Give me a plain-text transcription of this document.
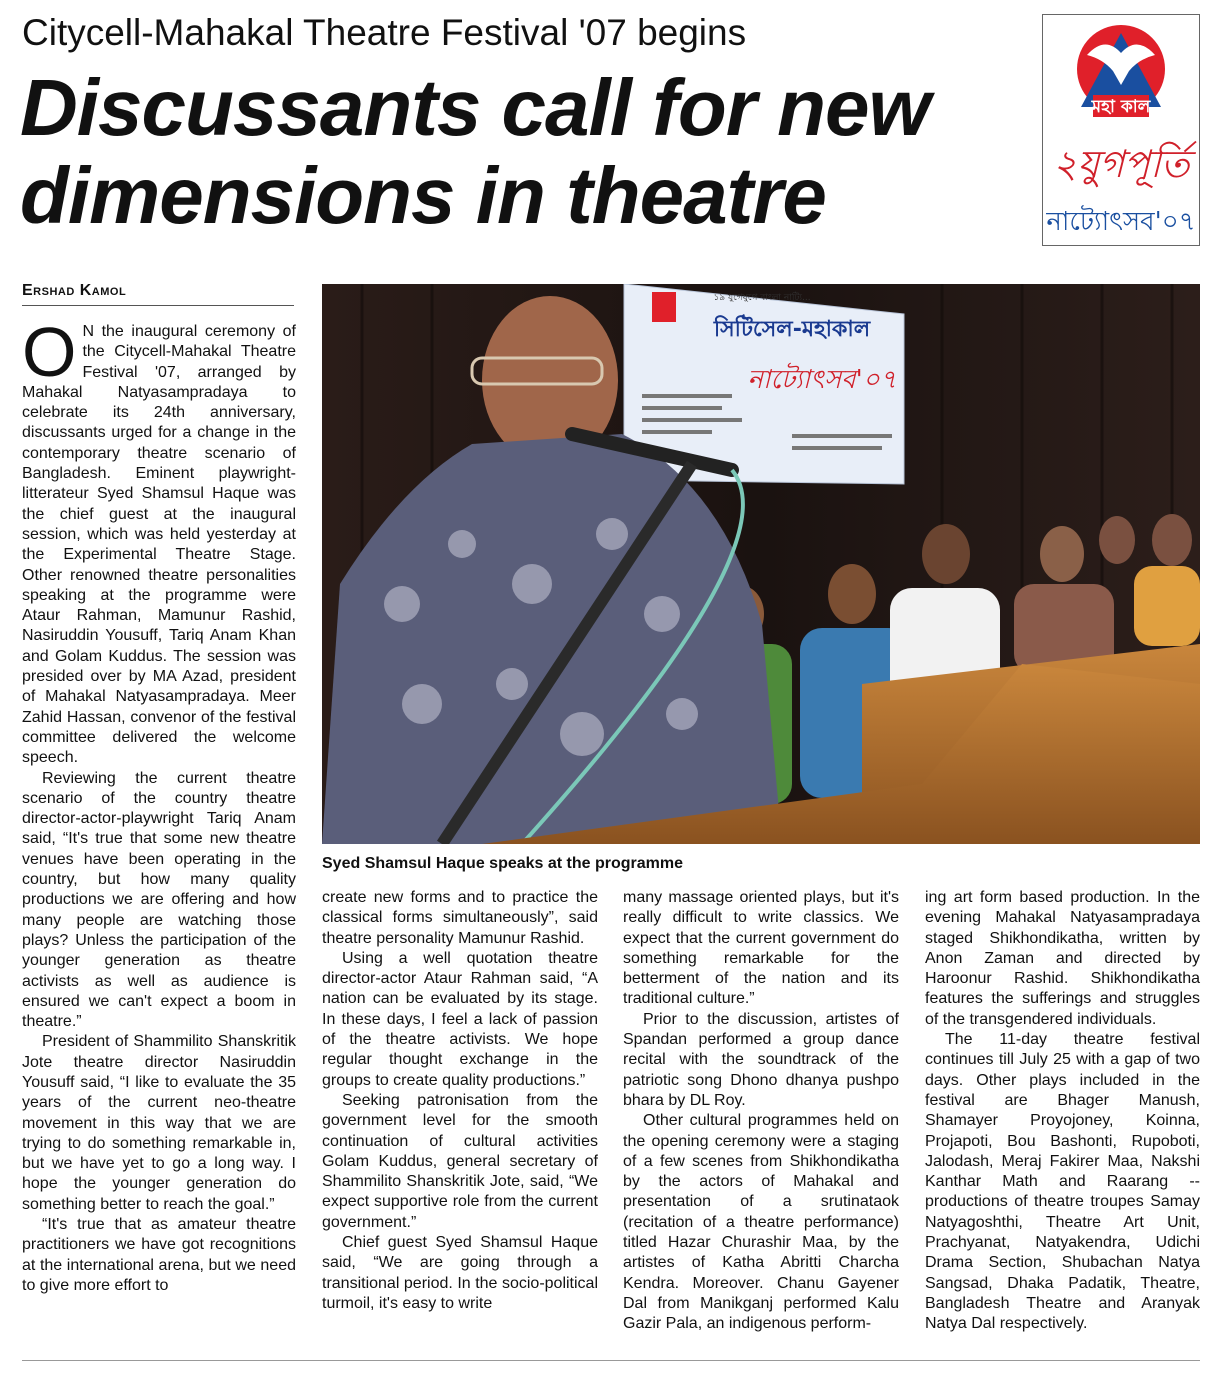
Citycell-Mahakal Theatre Festival '07 begins
Discussants call for new
dimensions in theatre
মহা কাল
২যুগপূর্তি
নাট্যোৎসব'০৭
Ershad Kamol
O N the inaugural ceremony of the Citycell-Mahakal Theatre Festival '07, arranged by Mahakal Natyasampradaya to celebrate its 24th anniversary, discussants urged for a change in the contemporary theatre scenario of Bangladesh. Eminent playwright-litterateur Syed Shamsul Haque was the chief guest at the inaugural session, which was held yesterday at the Experimental Theatre Stage. Other renowned theatre personalities speaking at the programme were Ataur Rahman, Mamunur Rashid, Nasiruddin Yousuff, Tariq Anam Khan and Golam Kuddus. The session was presided over by MA Azad, president of Mahakal Natyasampradaya. Meer Zahid Hassan, convenor of the festival committee delivered the welcome speech.

Reviewing the current theatre scenario of the country theatre director-actor-playwright Tariq Anam said, “It's true that some new theatre venues have been operating in the country, but how many quality productions we are offering and how many people are watching those plays? Unless the participation of the younger generation as theatre activists as well as audience is ensured we can't expect a boom in theatre.”

President of Shammilito Shanskritik Jote theatre director Nasiruddin Yousuff said, “I like to evaluate the 35 years of the current neo-theatre movement in this way that we are trying to do something remarkable in, but we have yet to go a long way. I hope the younger generation do something better to reach the goal.”

“It's true that as amateur theatre practitioners we have got recognitions at the international arena, but we need to give more effort to

১৯ যুগেযুগে বাংলা নাট্যি...
সিটিসেল-মহাকাল
নাট্যোৎসব'০৭
Syed Shamsul Haque speaks at the programme

create new forms and to practice the classical forms simultaneously”, said theatre personality Mamunur Rashid.

Using a well quotation theatre director-actor Ataur Rahman said, “A nation can be evaluated by its stage. In these days, I feel a lack of passion of the theatre activists. We hope regular thought exchange in the groups to create quality productions.”

Seeking patronisation from the government level for the smooth continuation of cultural activities Golam Kuddus, general secretary of Shammilito Shanskritik Jote, said, “We expect supportive role from the current government.”

Chief guest Syed Shamsul Haque said, “We are going through a transitional period. In the socio-political turmoil, it's easy to write

many massage oriented plays, but it's really difficult to write classics. We expect that the current government do something remarkable for the betterment of the nation and its traditional culture.”

Prior to the discussion, artistes of Spandan performed a group dance recital with the soundtrack of the patriotic song Dhono dhanya pushpo bhara by DL Roy.

Other cultural programmes held on the opening ceremony were a staging of a few scenes from Shikhondikatha by the actors of Mahakal and presentation of a srutinataok (recitation of a theatre performance) titled Hazar Churashir Maa, by the artistes of Katha Abritti Charcha Kendra. Moreover. Chanu Gayener Dal from Manikganj performed Kalu Gazir Pala, an indigenous perform-

ing art form based production. In the evening Mahakal Natyasampradaya staged Shikhondikatha, written by Anon Zaman and directed by Haroonur Rashid. Shikhondikatha features the sufferings and struggles of the transgendered individuals.

The 11-day theatre festival continues till July 25 with a gap of two days. Other plays included in the festival are Bhager Manush, Shamayer Proyojoney, Koinna, Projapoti, Bou Bashonti, Rupoboti, Jalodash, Meraj Fakirer Maa, Nakshi Kanthar Math and Raarang -- productions of theatre troupes Samay Natyagoshthi, Theatre Art Unit, Prachyanat, Natyakendra, Udichi Drama Section, Shubachan Natya Sangsad, Dhaka Padatik, Theatre, Bangladesh Theatre and Aranyak Natya Dal respectively.
